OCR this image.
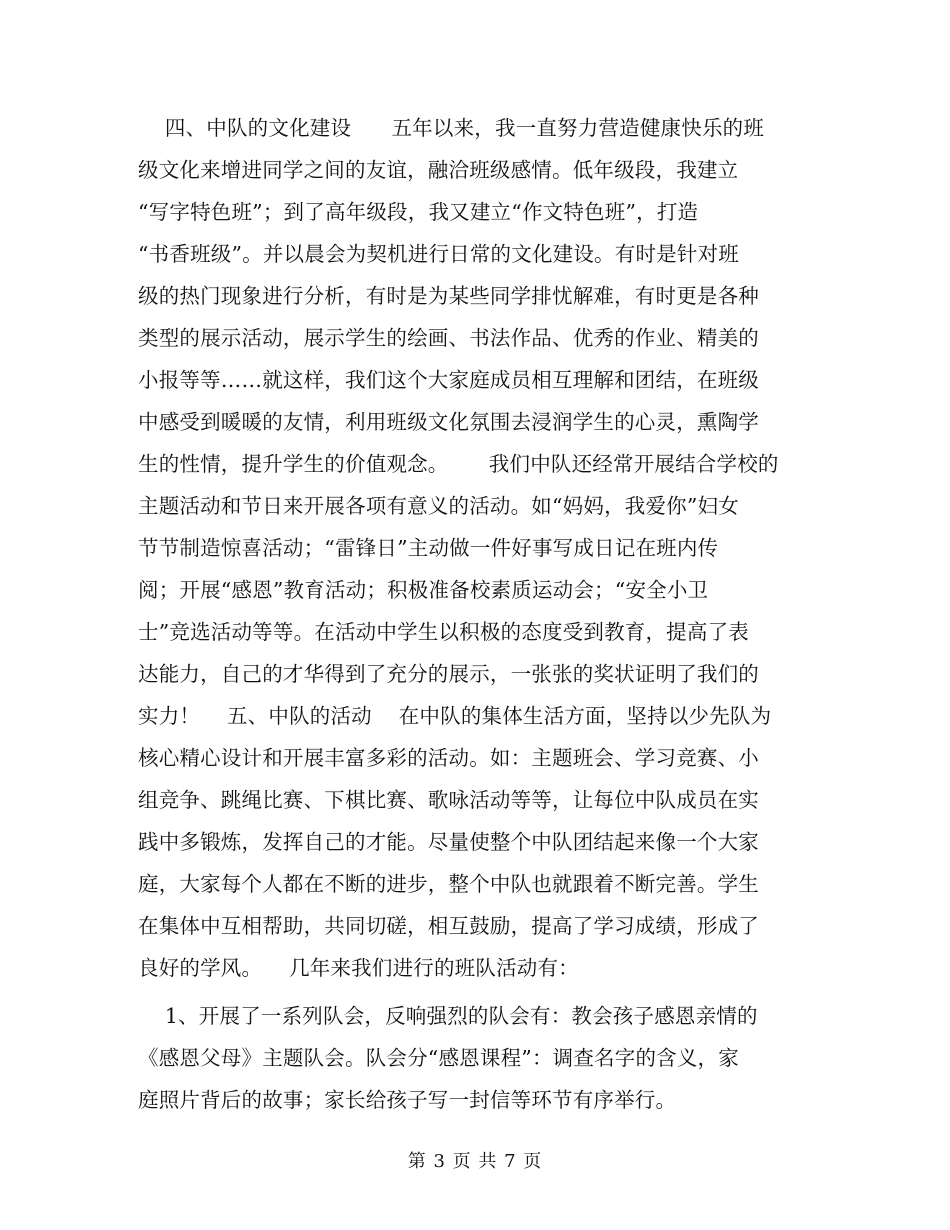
四、中队的文化建设      五年以来，我一直努力营造健康快乐的班
级文化来增进同学之间的友谊，融洽班级感情。低年级段，我建立
“写字特色班”；到了高年级段，我又建立“作文特色班”，打造
“书香班级”。并以晨会为契机进行日常的文化建设。有时是针对班
级的热门现象进行分析，有时是为某些同学排忧解难，有时更是各种
类型的展示活动，展示学生的绘画、书法作品、优秀的作业、精美的
小报等等……就这样，我们这个大家庭成员相互理解和团结，在班级
中感受到暖暖的友情，利用班级文化氛围去浸润学生的心灵，熏陶学
生的性情，提升学生的价值观念。      我们中队还经常开展结合学校的
主题活动和节日来开展各项有意义的活动。如“妈妈，我爱你”妇女
节节制造惊喜活动；“雷锋日”主动做一件好事写成日记在班内传
阅；开展“感恩”教育活动；积极准备校素质运动会；“安全小卫
士”竞选活动等等。在活动中学生以积极的态度受到教育，提高了表
达能力，自己的才华得到了充分的展示，一张张的奖状证明了我们的
实力！    五、中队的活动    在中队的集体生活方面，坚持以少先队为
核心精心设计和开展丰富多彩的活动。如：主题班会、学习竞赛、小
组竞争、跳绳比赛、下棋比赛、歌咏活动等等，让每位中队成员在实
践中多锻炼，发挥自己的才能。尽量使整个中队团结起来像一个大家
庭，大家每个人都在不断的进步，整个中队也就跟着不断完善。学生
在集体中互相帮助，共同切磋，相互鼓励，提高了学习成绩，形成了
良好的学风。    几年来我们进行的班队活动有：
1、开展了一系列队会，反响强烈的队会有：教会孩子感恩亲情的
《感恩父母》主题队会。队会分“感恩课程”：调查名字的含义，家
庭照片背后的故事；家长给孩子写一封信等环节有序举行。
第 3 页 共 7 页
